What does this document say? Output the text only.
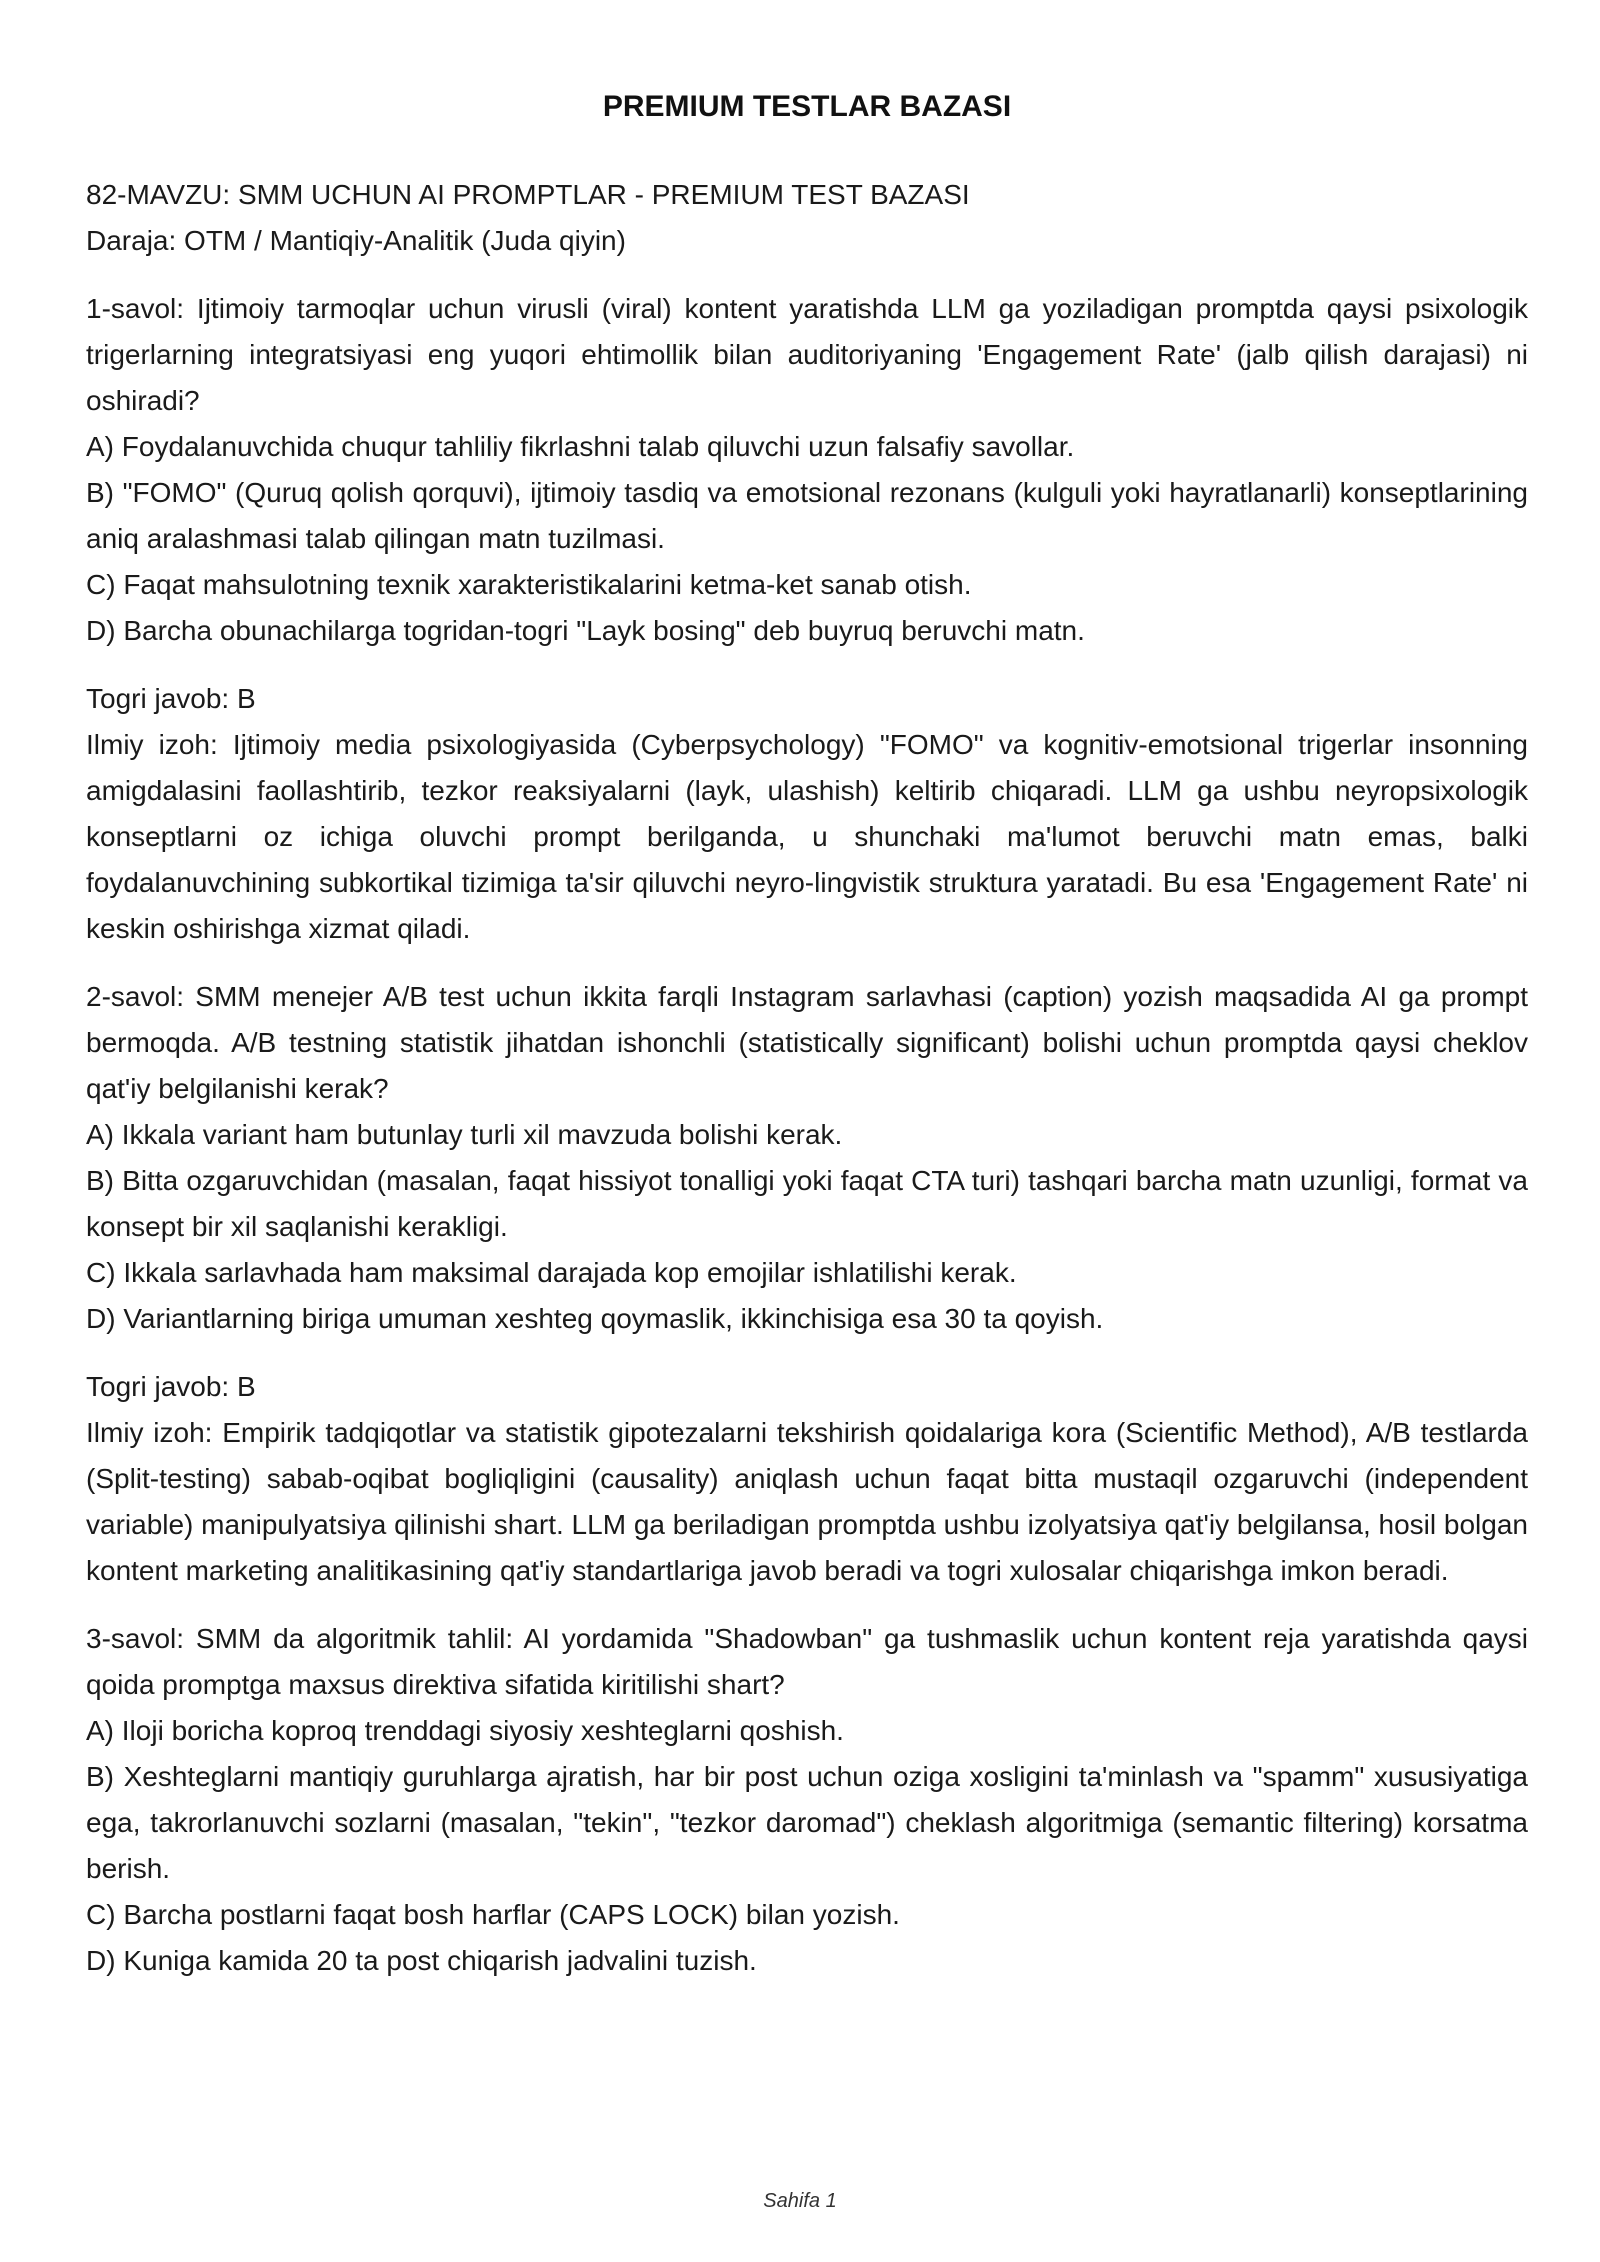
PREMIUM TESTLAR BAZASI

82-MAVZU: SMM UCHUN AI PROMPTLAR - PREMIUM TEST BAZASI

Daraja: OTM / Mantiqiy-Analitik (Juda qiyin)

1-savol: Ijtimoiy tarmoqlar uchun virusli (viral) kontent yaratishda LLM ga yoziladigan promptda qaysi psixologik trigerlarning integratsiyasi eng yuqori ehtimollik bilan auditoriyaning 'Engagement Rate' (jalb qilish darajasi) ni oshiradi?

A) Foydalanuvchida chuqur tahliliy fikrlashni talab qiluvchi uzun falsafiy savollar.

B) "FOMO" (Quruq qolish qorquvi), ijtimoiy tasdiq va emotsional rezonans (kulguli yoki hayratlanarli) konseptlarining aniq aralashmasi talab qilingan matn tuzilmasi.

C) Faqat mahsulotning texnik xarakteristikalarini ketma-ket sanab otish.

D) Barcha obunachilarga togridan-togri "Layk bosing" deb buyruq beruvchi matn.

Togri javob: B

Ilmiy izoh: Ijtimoiy media psixologiyasida (Cyberpsychology) "FOMO" va kognitiv-emotsional trigerlar insonning amigdalasini faollashtirib, tezkor reaksiyalarni (layk, ulashish) keltirib chiqaradi. LLM ga ushbu neyropsixologik konseptlarni oz ichiga oluvchi prompt berilganda, u shunchaki ma'lumot beruvchi matn emas, balki foydalanuvchining subkortikal tizimiga ta'sir qiluvchi neyro-lingvistik struktura yaratadi. Bu esa 'Engagement Rate' ni keskin oshirishga xizmat qiladi.

2-savol: SMM menejer A/B test uchun ikkita farqli Instagram sarlavhasi (caption) yozish maqsadida AI ga prompt bermoqda. A/B testning statistik jihatdan ishonchli (statistically significant) bolishi uchun promptda qaysi cheklov qat'iy belgilanishi kerak?

A) Ikkala variant ham butunlay turli xil mavzuda bolishi kerak.

B) Bitta ozgaruvchidan (masalan, faqat hissiyot tonalligi yoki faqat CTA turi) tashqari barcha matn uzunligi, format va konsept bir xil saqlanishi kerakligi.

C) Ikkala sarlavhada ham maksimal darajada kop emojilar ishlatilishi kerak.

D) Variantlarning biriga umuman xeshteg qoymaslik, ikkinchisiga esa 30 ta qoyish.

Togri javob: B

Ilmiy izoh: Empirik tadqiqotlar va statistik gipotezalarni tekshirish qoidalariga kora (Scientific Method), A/B testlarda (Split-testing) sabab-oqibat bogliqligini (causality) aniqlash uchun faqat bitta mustaqil ozgaruvchi (independent variable) manipulyatsiya qilinishi shart. LLM ga beriladigan promptda ushbu izolyatsiya qat'iy belgilansa, hosil bolgan kontent marketing analitikasining qat'iy standartlariga javob beradi va togri xulosalar chiqarishga imkon beradi.

3-savol: SMM da algoritmik tahlil: AI yordamida "Shadowban" ga tushmaslik uchun kontent reja yaratishda qaysi qoida promptga maxsus direktiva sifatida kiritilishi shart?

A) Iloji boricha koproq trenddagi siyosiy xeshteglarni qoshish.

B) Xeshteglarni mantiqiy guruhlarga ajratish, har bir post uchun oziga xosligini ta'minlash va "spamm" xususiyatiga ega, takrorlanuvchi sozlarni (masalan, "tekin", "tezkor daromad") cheklash algoritmiga (semantic filtering) korsatma berish.

C) Barcha postlarni faqat bosh harflar (CAPS LOCK) bilan yozish.

D) Kuniga kamida 20 ta post chiqarish jadvalini tuzish.

Sahifa 1
